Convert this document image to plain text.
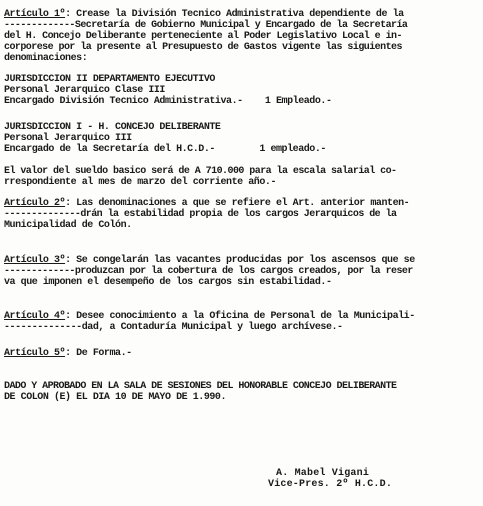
Artículo 1º: Crease la División Tecnico Administrativa dependiente de la
-------------Secretaría de Gobierno Municipal y Encargado de la Secretaría
del H. Concejo Deliberante perteneciente al Poder Legislativo Local e in-
corporese por la presente al Presupuesto de Gastos vigente las siguientes
denominaciones:
JURISDICCION II DEPARTAMENTO EJECUTIVO
Personal Jerarquico Clase III
Encargado División Tecnico Administrativa.-    1 Empleado.-
JURISDICCION I - H. CONCEJO DELIBERANTE
Personal Jerarquico III
Encargado de la Secretaría del H.C.D.-        1 empleado.-
El valor del sueldo basico será de A 710.000 para la escala salarial co-
rrespondiente al mes de marzo del corriente año.-
Artículo 2º: Las denominaciones a que se refiere el Art. anterior manten-
--------------drán la estabilidad propia de los cargos Jerarquicos de la
Municipalidad de Colón.
Artículo 3º: Se congelarán las vacantes producidas por los ascensos que se
-------------produzcan por la cobertura de los cargos creados, por la reser
va que imponen el desempeño de los cargos sin estabilidad.-
Artículo 4º: Desee conocimiento a la Oficina de Personal de la Municipali-
--------------dad, a Contaduría Municipal y luego archívese.-
Artículo 5º: De Forma.-
DADO Y APROBADO EN LA SALA DE SESIONES DEL HONORABLE CONCEJO DELIBERANTE
DE COLON (E) EL DIA 10 DE MAYO DE 1.990.
A. Mabel Vigani
Vice-Pres. 2º H.C.D.
